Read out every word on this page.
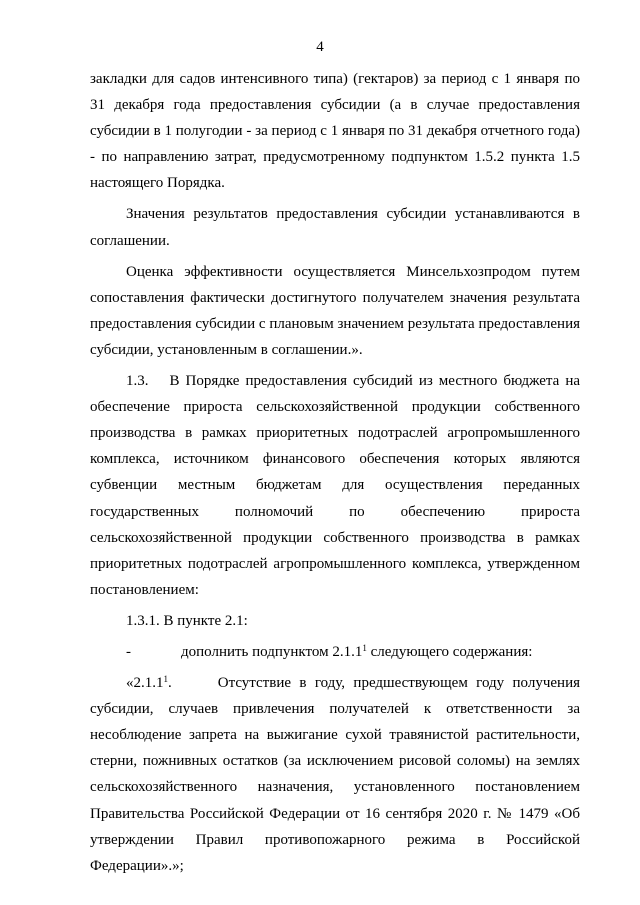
4

закладки для садов интенсивного типа) (гектаров) за период с 1 января по 31 декабря года предоставления субсидии (а в случае предоставления субсидии в 1 полугодии - за период с 1 января по 31 декабря отчетного года) - по направлению затрат, предусмотренному подпунктом 1.5.2 пункта 1.5 настоящего Порядка.

Значения результатов предоставления субсидии устанавливаются в соглашении.

Оценка эффективности осуществляется Минсельхозпродом путем сопоставления фактически достигнутого получателем значения результата предоставления субсидии с плановым значением результата предоставления субсидии, установленным в соглашении.».

1.3. В Порядке предоставления субсидий из местного бюджета на обеспечение прироста сельскохозяйственной продукции собственного производства в рамках приоритетных подотраслей агропромышленного комплекса, источником финансового обеспечения которых являются субвенции местным бюджетам для осуществления переданных государственных полномочий по обеспечению прироста сельскохозяйственной продукции собственного производства в рамках приоритетных подотраслей агропромышленного комплекса, утвержденном постановлением:

1.3.1. В пункте 2.1:

-	дополнить подпунктом 2.1.1$^1$ следующего содержания:

«2.1.1$^1$.	Отсутствие в году, предшествующем году получения субсидии, случаев привлечения получателей к ответственности за несоблюдение запрета на выжигание сухой травянистой растительности, стерни, пожнивных остатков (за исключением рисовой соломы) на землях сельскохозяйственного назначения, установленного постановлением Правительства Российской Федерации от 16 сентября 2020 г. № 1479 «Об утверждении Правил противопожарного режима в Российской Федерации».»;
